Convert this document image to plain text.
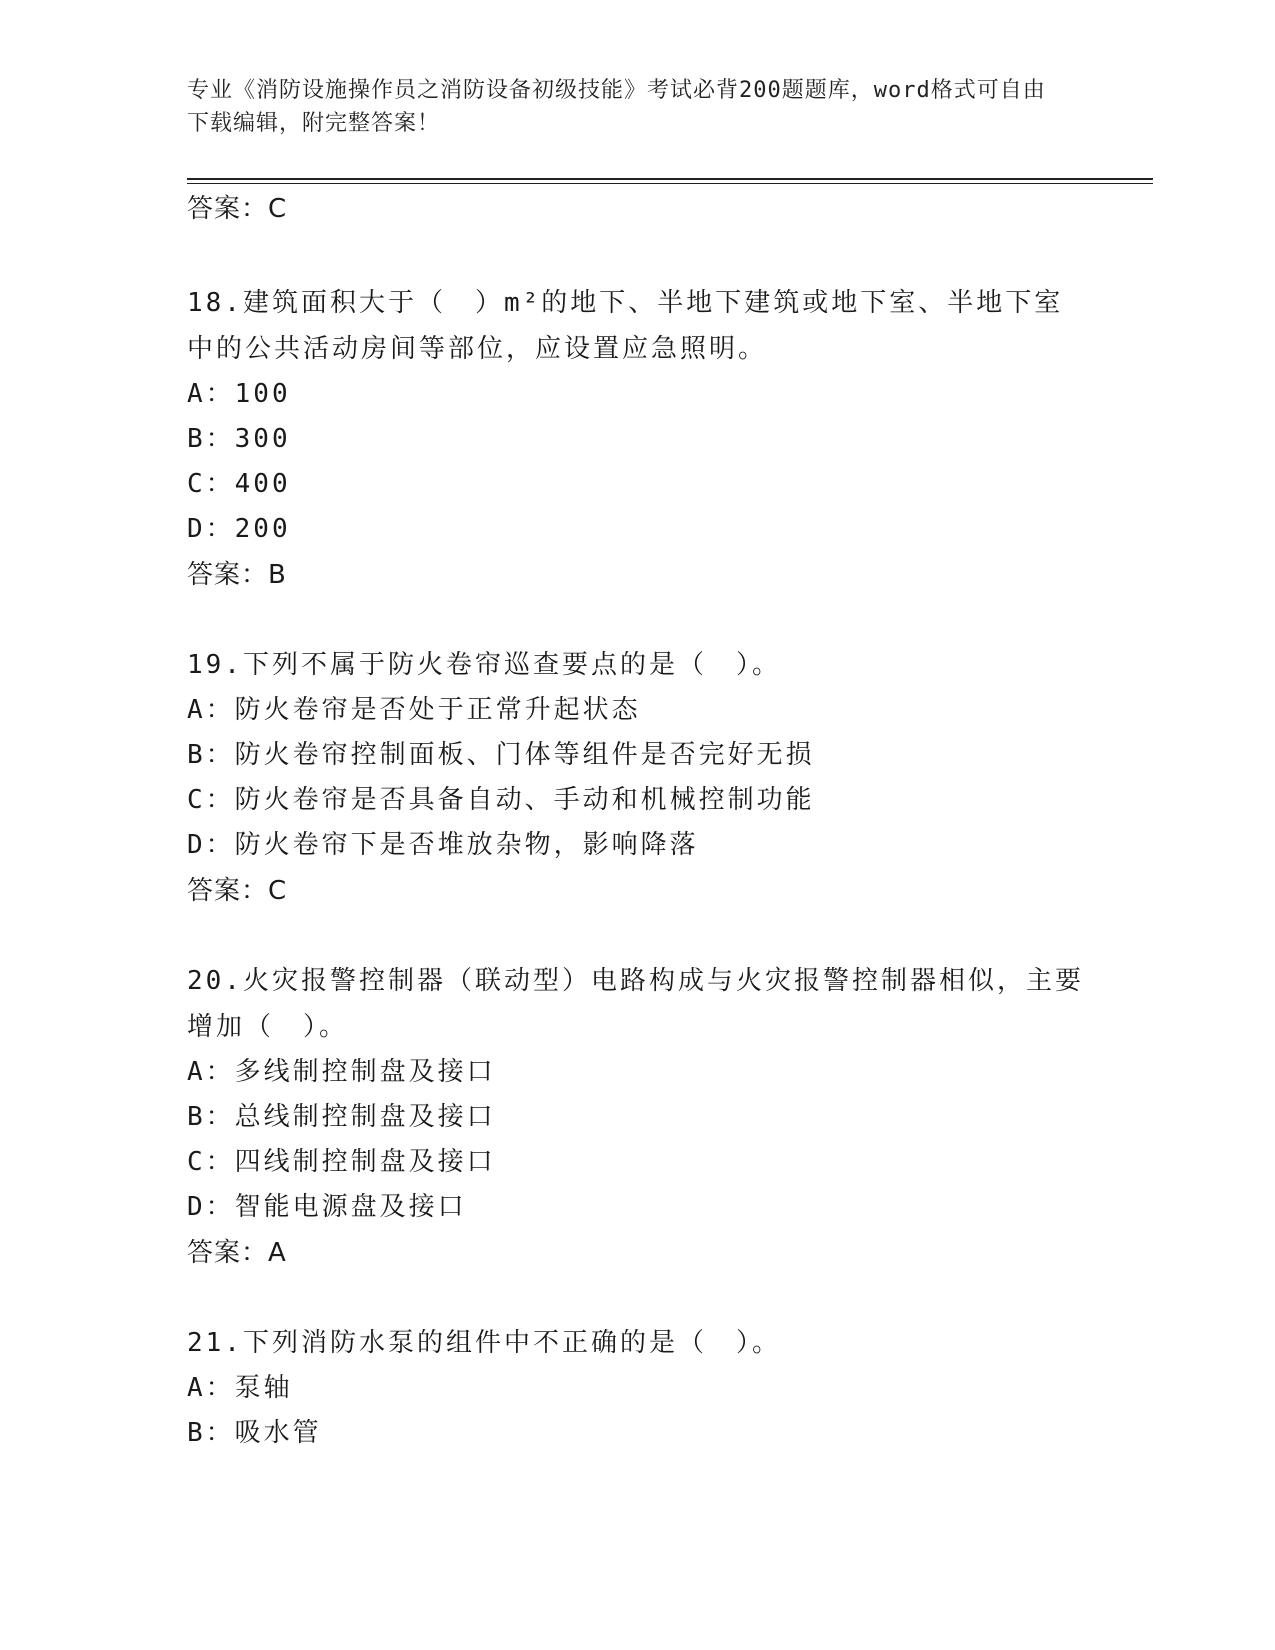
专业《消防设施操作员之消防设备初级技能》考试必背200题题库，word格式可自由下载编辑，附完整答案！

答案：C

18.建筑面积大于（　）m²的地下、半地下建筑或地下室、半地下室中的公共活动房间等部位，应设置应急照明。

A：100

B：300

C：400

D：200

答案：B

19.下列不属于防火卷帘巡查要点的是（　）。

A：防火卷帘是否处于正常升起状态

B：防火卷帘控制面板、门体等组件是否完好无损

C：防火卷帘是否具备自动、手动和机械控制功能

D：防火卷帘下是否堆放杂物，影响降落

答案：C

20.火灾报警控制器（联动型）电路构成与火灾报警控制器相似，主要增加（　）。

A：多线制控制盘及接口

B：总线制控制盘及接口

C：四线制控制盘及接口

D：智能电源盘及接口

答案：A

21.下列消防水泵的组件中不正确的是（　）。

A：泵轴

B：吸水管
